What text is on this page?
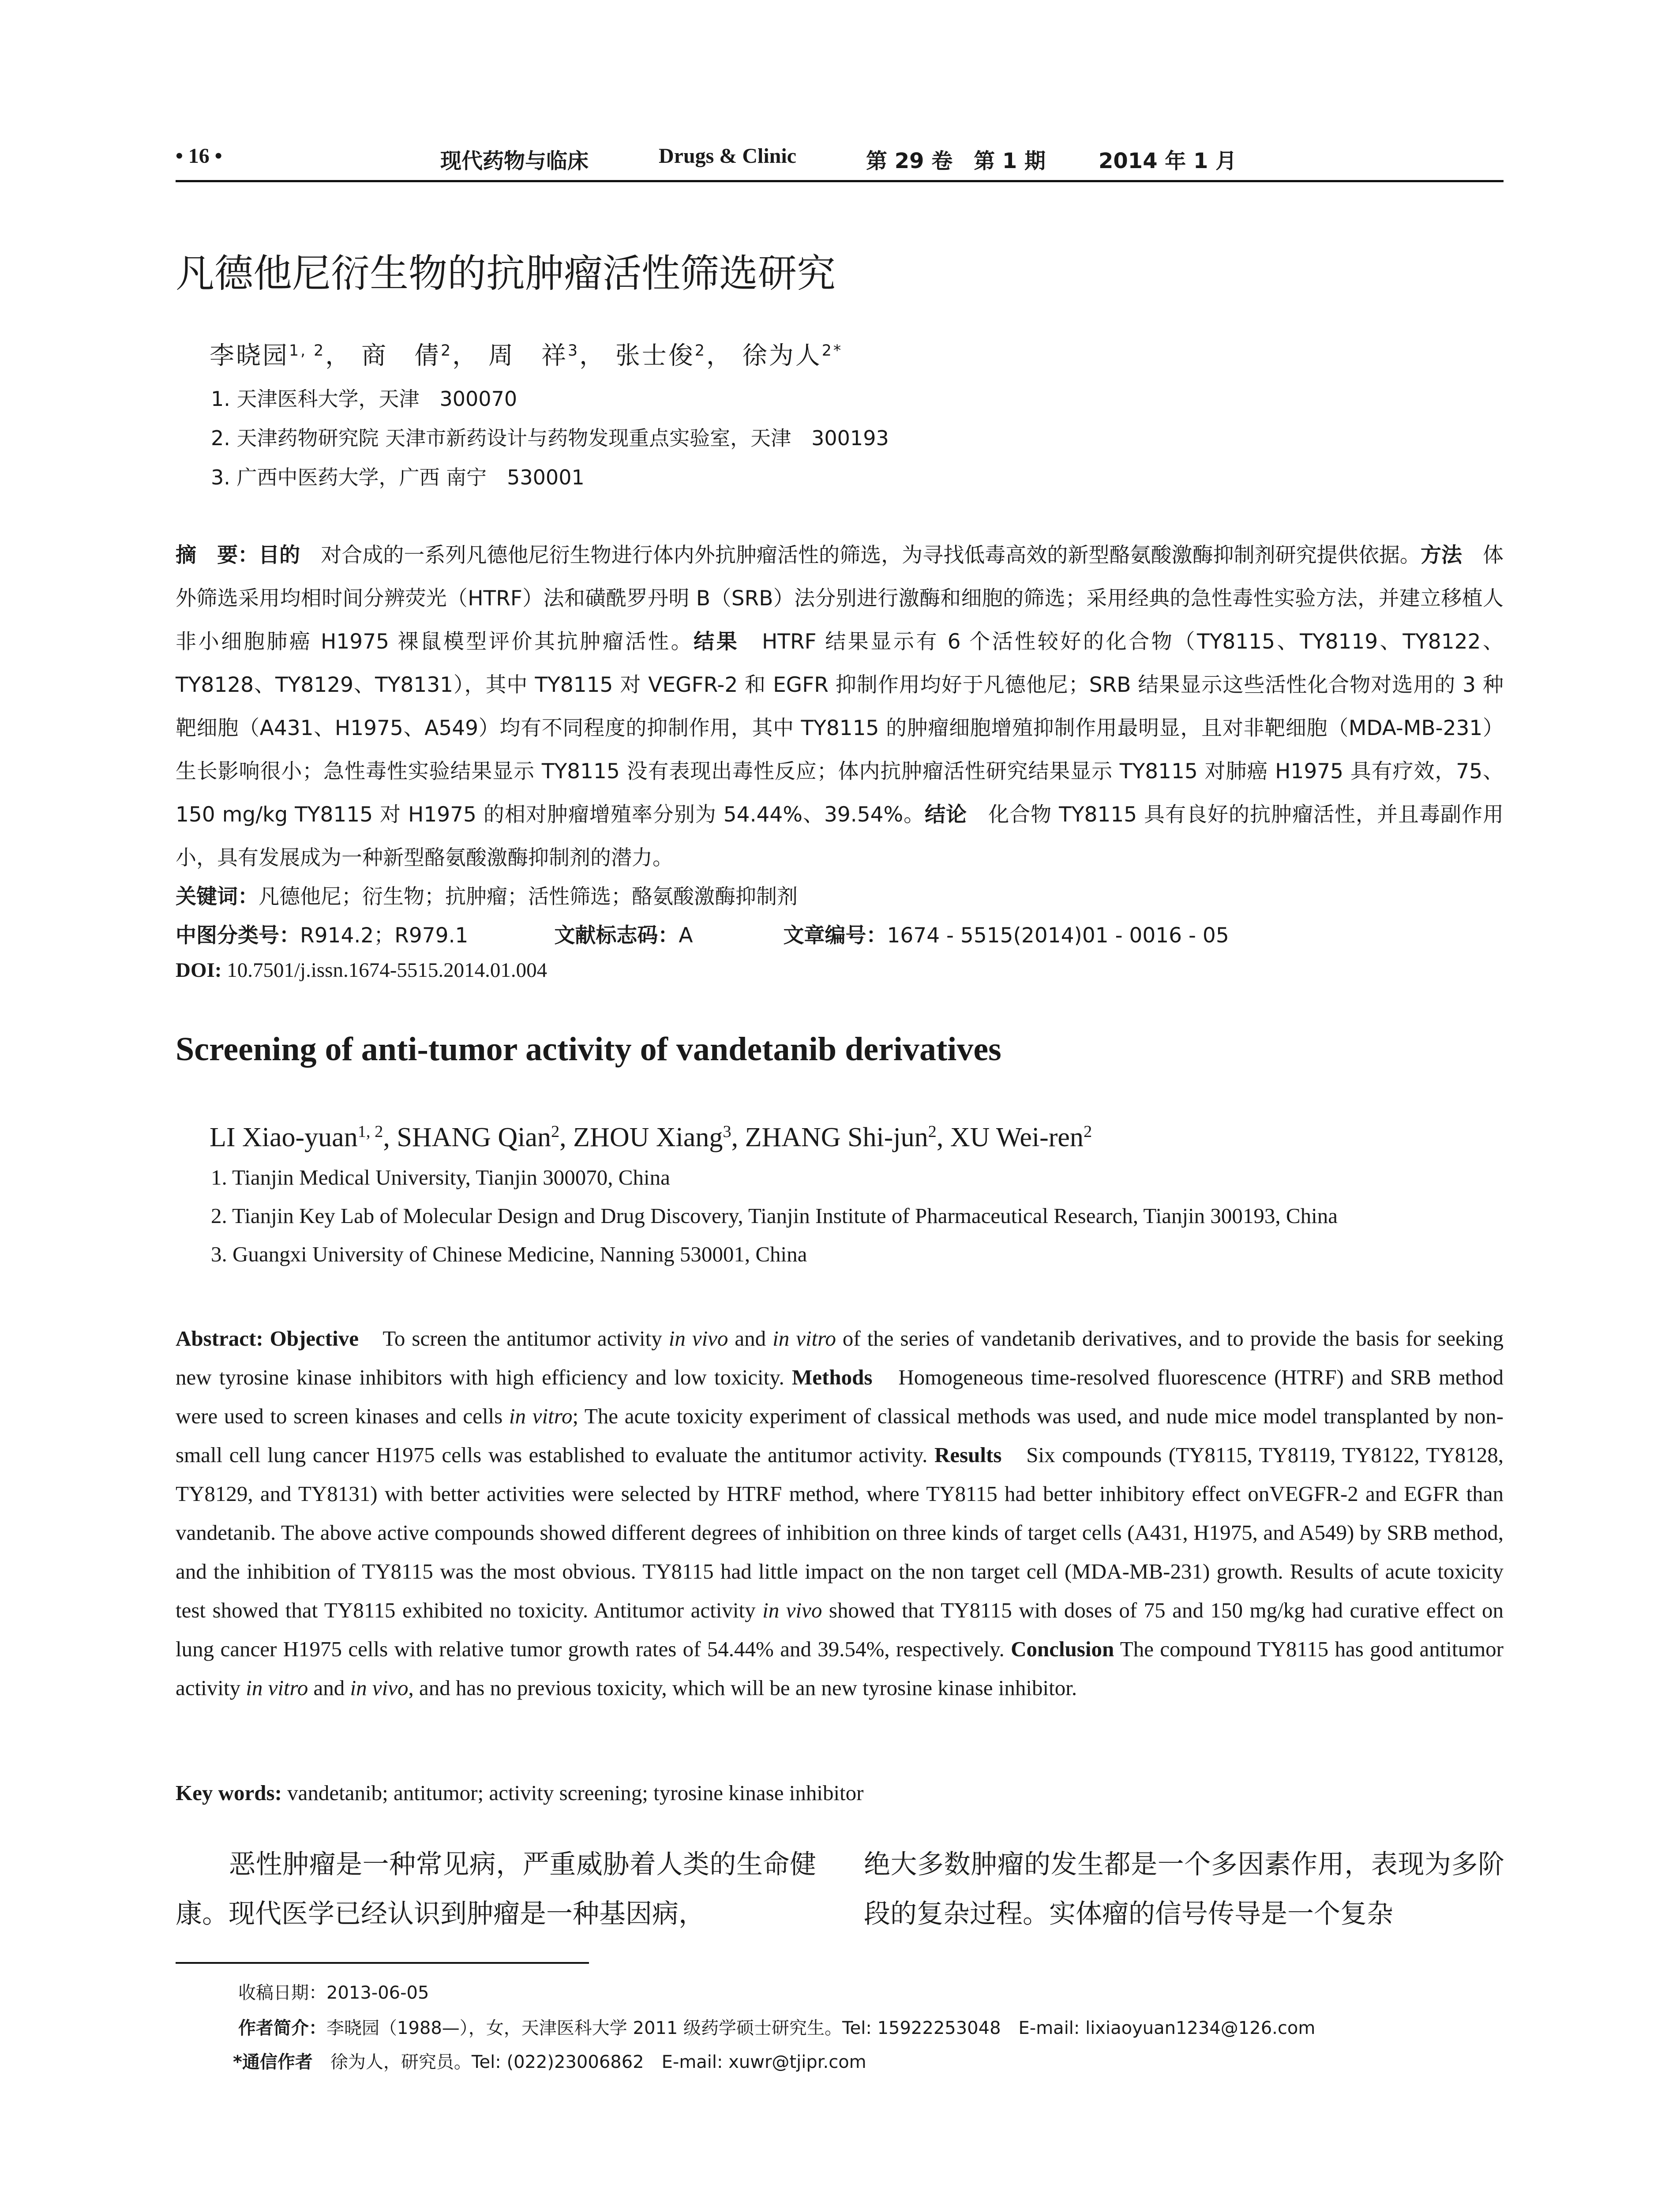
• 16 •	现代药物与临床	Drugs & Clinic	第 29 卷　第 1 期 2014 年 1 月
凡德他尼衍生物的抗肿瘤活性筛选研究
李晓园$^{1, 2}$， 商　倩$^2$， 周　祥$^3$， 张士俊$^2$， 徐为人$^{2*}$
1. 天津医科大学，天津　300070
2. 天津药物研究院 天津市新药设计与药物发现重点实验室，天津　300193
3. 广西中医药大学，广西 南宁　530001
摘　要：目的　对合成的一系列凡德他尼衍生物进行体内外抗肿瘤活性的筛选，为寻找低毒高效的新型酪氨酸激酶抑制剂研究提供依据。方法　体外筛选采用均相时间分辨荧光（HTRF）法和磺酰罗丹明 B（SRB）法分别进行激酶和细胞的筛选；采用经典的急性毒性实验方法，并建立移植人非小细胞肺癌 H1975 裸鼠模型评价其抗肿瘤活性。结果　HTRF 结果显示有 6 个活性较好的化合物（TY8115、TY8119、TY8122、TY8128、TY8129、TY8131），其中 TY8115 对 VEGFR-2 和 EGFR 抑制作用均好于凡德他尼；SRB 结果显示这些活性化合物对选用的 3 种靶细胞（A431、H1975、A549）均有不同程度的抑制作用，其中 TY8115 的肿瘤细胞增殖抑制作用最明显，且对非靶细胞（MDA-MB-231）生长影响很小；急性毒性实验结果显示 TY8115 没有表现出毒性反应；体内抗肿瘤活性研究结果显示 TY8115 对肺癌 H1975 具有疗效，75、150 mg/kg TY8115 对 H1975 的相对肿瘤增殖率分别为 54.44%、39.54%。结论　化合物 TY8115 具有良好的抗肿瘤活性，并且毒副作用小，具有发展成为一种新型酪氨酸激酶抑制剂的潜力。
关键词：凡德他尼；衍生物；抗肿瘤；活性筛选；酪氨酸激酶抑制剂
中图分类号：R914.2；R979.1	文献标志码：A	文章编号：1674 - 5515(2014)01 - 0016 - 05
DOI: 10.7501/j.issn.1674-5515.2014.01.004
Screening of anti-tumor activity of vandetanib derivatives
LI Xiao-yuan$^{1, 2}$, SHANG Qian$^2$, ZHOU Xiang$^3$, ZHANG Shi-jun$^2$, XU Wei-ren$^2$
1. Tianjin Medical University, Tianjin 300070, China
2. Tianjin Key Lab of Molecular Design and Drug Discovery, Tianjin Institute of Pharmaceutical Research, Tianjin 300193, China
3. Guangxi University of Chinese Medicine, Nanning 530001, China
Abstract: Objective　To screen the antitumor activity in vivo and in vitro of the series of vandetanib derivatives, and to provide the basis for seeking new tyrosine kinase inhibitors with high efficiency and low toxicity. Methods　Homogeneous time-resolved fluorescence (HTRF) and SRB method were used to screen kinases and cells in vitro; The acute toxicity experiment of classical methods was used, and nude mice model transplanted by non-small cell lung cancer H1975 cells was established to evaluate the antitumor activity. Results　Six compounds (TY8115, TY8119, TY8122, TY8128, TY8129, and TY8131) with better activities were selected by HTRF method, where TY8115 had better inhibitory effect onVEGFR-2 and EGFR than vandetanib. The above active compounds showed different degrees of inhibition on three kinds of target cells (A431, H1975, and A549) by SRB method, and the inhibition of TY8115 was the most obvious. TY8115 had little impact on the non target cell (MDA-MB-231) growth. Results of acute toxicity test showed that TY8115 exhibited no toxicity. Antitumor activity in vivo showed that TY8115 with doses of 75 and 150 mg/kg had curative effect on lung cancer H1975 cells with relative tumor growth rates of 54.44% and 39.54%, respectively. Conclusion The compound TY8115 has good antitumor activity in vitro and in vivo, and has no previous toxicity, which will be an new tyrosine kinase inhibitor.
Key words: vandetanib; antitumor; activity screening; tyrosine kinase inhibitor
　　恶性肿瘤是一种常见病，严重威胁着人类的生命健康。现代医学已经认识到肿瘤是一种基因病，
绝大多数肿瘤的发生都是一个多因素作用，表现为多阶段的复杂过程。实体瘤的信号传导是一个复杂
收稿日期：2013-06-05
作者简介：李晓园（1988—），女，天津医科大学 2011 级药学硕士研究生。Tel: 15922253048　E-mail: lixiaoyuan1234@126.com
*通信作者　徐为人，研究员。Tel: (022)23006862　E-mail: xuwr@tjipr.com
